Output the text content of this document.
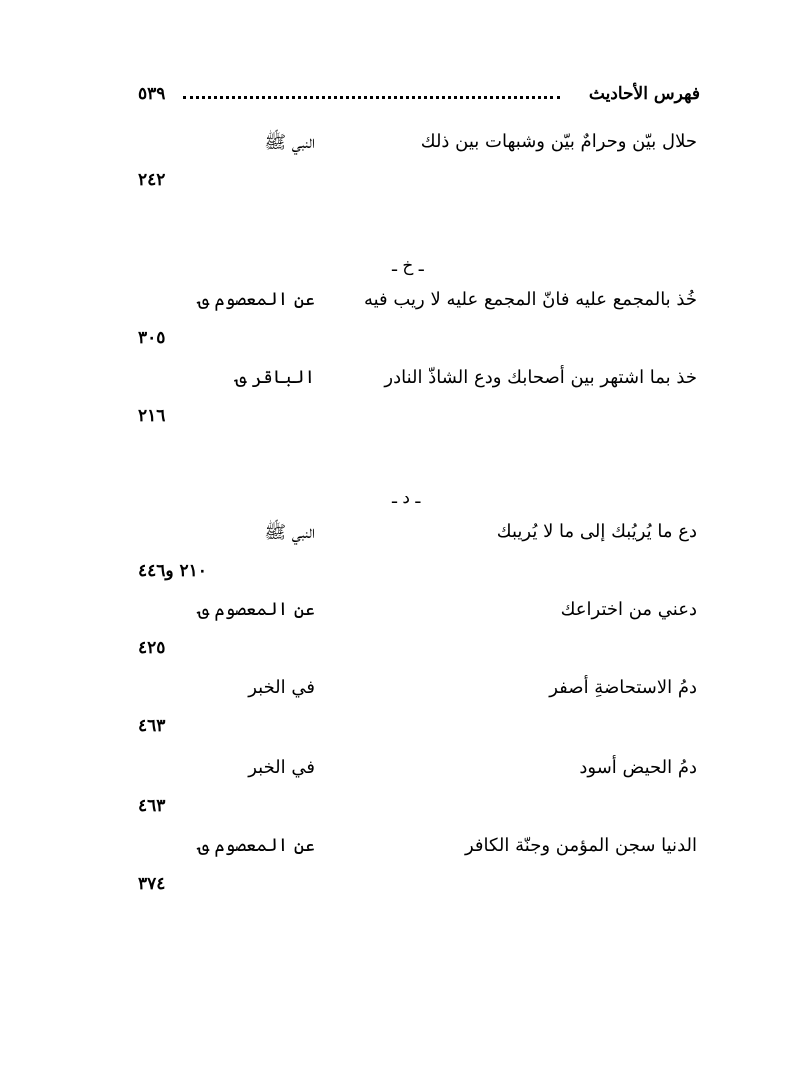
فهرس الأحاديث
٥٣٩
حلال بيّن وحرامٌ بيّن وشبهات بين ذلك
النبي ﷺ
٢٤٢
ـ خ ـ
خُذ بالمجمع عليه فانّ المجمع عليه لا ريب فيه
عن المعصوم ؈
٣٠٥
خذ بما اشتهر بين أصحابك ودع الشاذّ النادر
الباقر ؈
٢١٦
ـ د ـ
دع ما يُريُبك إلى ما لا يُريبك
النبي ﷺ
٢١٠ و٤٤٦
دعني من اختراعك
عن المعصوم ؈
٤٢٥
دمُ الاستحاضةِ أصفر
في الخبر
٤٦٣
دمُ الحيض أسود
في الخبر
٤٦٣
الدنيا سجن المؤمن وجنّة الكافر
عن المعصوم ؈
٣٧٤
